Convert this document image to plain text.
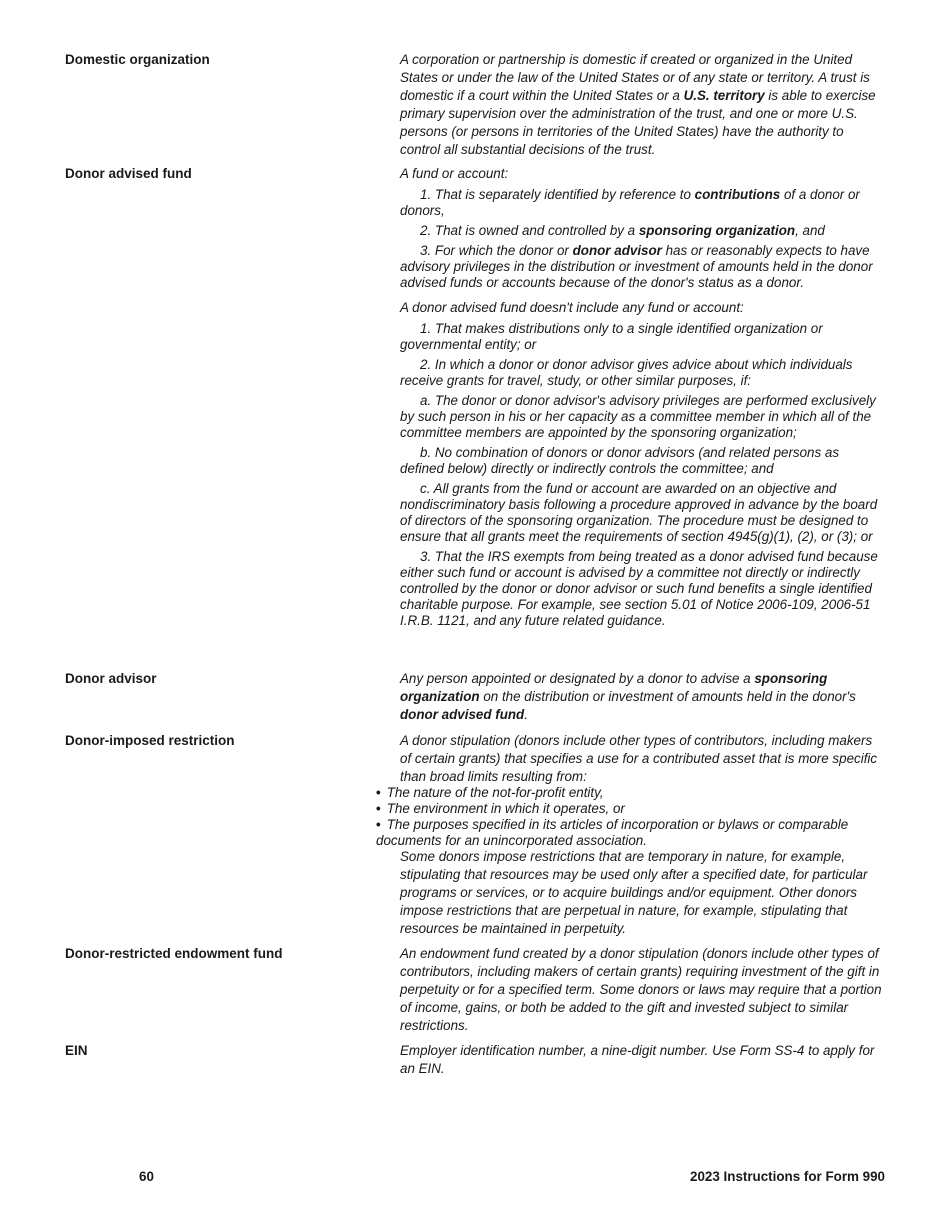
Domestic organization	A corporation or partnership is domestic if created or organized in the United States or under the law of the United States or of any state or territory. A trust is domestic if a court within the United States or a U.S. territory is able to exercise primary supervision over the administration of the trust, and one or more U.S. persons (or persons in territories of the United States) have the authority to control all substantial decisions of the trust.

Donor advised fund	A fund or account:

1. That is separately identified by reference to contributions of a donor or donors,

2. That is owned and controlled by a sponsoring organization, and

3. For which the donor or donor advisor has or reasonably expects to have advisory privileges in the distribution or investment of amounts held in the donor advised funds or accounts because of the donor's status as a donor.

A donor advised fund doesn't include any fund or account:

1. That makes distributions only to a single identified organization or governmental entity; or

2. In which a donor or donor advisor gives advice about which individuals receive grants for travel, study, or other similar purposes, if:

a. The donor or donor advisor's advisory privileges are performed exclusively by such person in his or her capacity as a committee member in which all of the committee members are appointed by the sponsoring organization;

b. No combination of donors or donor advisors (and related persons as defined below) directly or indirectly controls the committee; and

c. All grants from the fund or account are awarded on an objective and nondiscriminatory basis following a procedure approved in advance by the board of directors of the sponsoring organization. The procedure must be designed to ensure that all grants meet the requirements of section 4945(g)(1), (2), or (3); or

3. That the IRS exempts from being treated as a donor advised fund because either such fund or account is advised by a committee not directly or indirectly controlled by the donor or donor advisor or such fund benefits a single identified charitable purpose. For example, see section 5.01 of Notice 2006-109, 2006-51 I.R.B. 1121, and any future related guidance.

Donor advisor	Any person appointed or designated by a donor to advise a sponsoring organization on the distribution or investment of amounts held in the donor's donor advised fund.

Donor-imposed restriction	A donor stipulation (donors include other types of contributors, including makers of certain grants) that specifies a use for a contributed asset that is more specific than broad limits resulting from:

• The nature of the not-for-profit entity,

• The environment in which it operates, or

• The purposes specified in its articles of incorporation or bylaws or comparable documents for an unincorporated association.

Some donors impose restrictions that are temporary in nature, for example, stipulating that resources may be used only after a specified date, for particular programs or services, or to acquire buildings and/or equipment. Other donors impose restrictions that are perpetual in nature, for example, stipulating that resources be maintained in perpetuity.

Donor-restricted endowment fund	An endowment fund created by a donor stipulation (donors include other types of contributors, including makers of certain grants) requiring investment of the gift in perpetuity or for a specified term. Some donors or laws may require that a portion of income, gains, or both be added to the gift and invested subject to similar restrictions.

EIN	Employer identification number, a nine-digit number. Use Form SS-4 to apply for an EIN.

60	2023 Instructions for Form 990
